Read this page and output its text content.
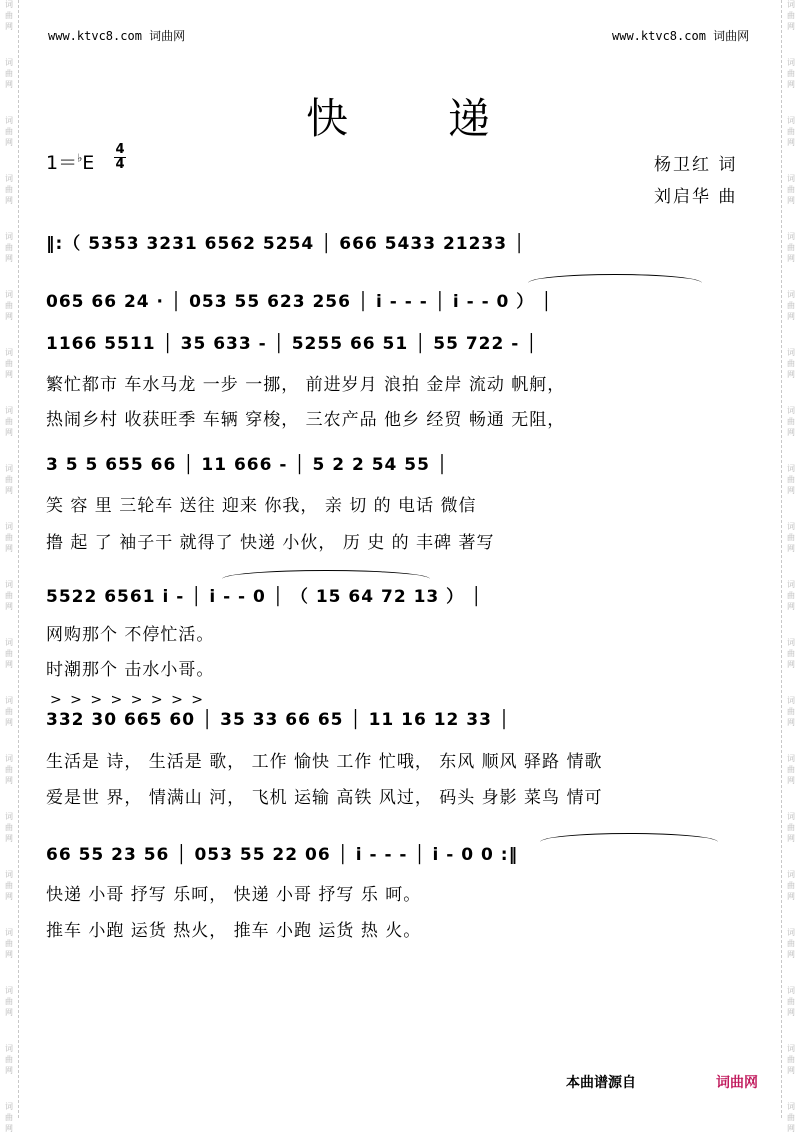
词
曲
网
词
曲
网
词
曲
网
词
曲
网
词
曲
网
词
曲
网
词
曲
网
词
曲
网
词
曲
网
词
曲
网
词
曲
网
词
曲
网
词
曲
网
词
曲
网
词
曲
网
词
曲
网
词
曲
网
词
曲
网
词
曲
网
词
曲
网
词
曲
网
词
曲
网
词
曲
网
词
曲
网
词
曲
网
词
曲
网
词
曲
网
词
曲
网
词
曲
网
词
曲
网
词
曲
网
词
曲
网
词
曲
网
词
曲
网
词
曲
网
词
曲
网
词
曲
网
词
曲
网
词
曲
网
词
曲
网
www.ktvc8.com 词曲网	www.ktvc8.com 词曲网
快递
1＝♭E
4
4	杨卫红 词
刘启华 曲
‖:（ 5353 3231 6562 5254 │ 666 5433 21233 │
065 66 24 · │ 053 55 623 256 │ i - - - │ i - - 0 ） │
1166 5511 │ 35 633 - │ 5255 66 51 │ 55 722 - │
繁忙都市 车水马龙 一步 一挪， 前进岁月 浪拍 金岸 流动 帆舸，
热闹乡村 收获旺季 车辆 穿梭， 三农产品 他乡 经贸 畅通 无阻，
3 5 5 655 66 │ 11 666 - │ 5 2 2 54 55 │
笑 容 里 三轮车 送往 迎来 你我， 亲 切 的 电话 微信
撸 起 了 袖子干 就得了 快递 小伙， 历 史 的 丰碑 著写
5522 6561 i - │ i - - 0 │ （ 15 64 72 13 ） │
网购那个 不停忙活。
时潮那个 击水小哥。
> > > > > > > >
332 30 665 60 │ 35 33 66 65 │ 11 16 12 33 │
生活是 诗， 生活是 歌， 工作 愉快 工作 忙哦， 东风 顺风 驿路 情歌
爱是世 界， 情满山 河， 飞机 运输 高铁 风过， 码头 身影 菜鸟 情可
66 55 23 56 │ 053 55 22 06 │ i - - - │ i - 0 0 :‖
快递 小哥 抒写 乐呵， 快递 小哥 抒写 乐 呵。
推车 小跑 运货 热火， 推车 小跑 运货 热 火。
本曲谱源自	词曲网
